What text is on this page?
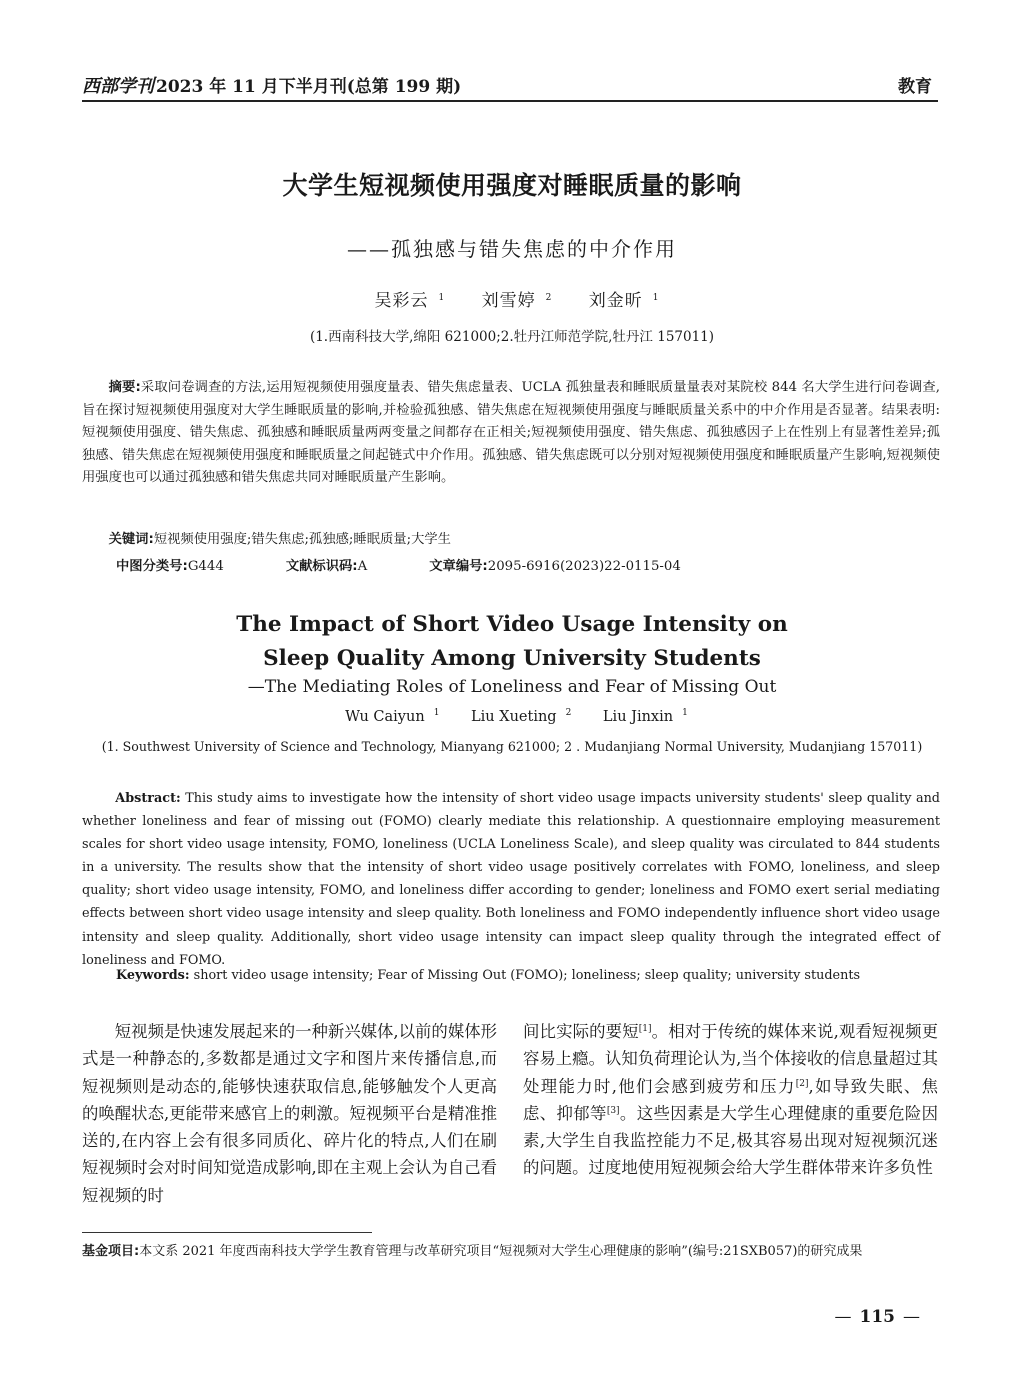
西部学刊 2023 年 11 月下半月刊(总第 199 期)	教育
大学生短视频使用强度对睡眠质量的影响
——孤独感与错失焦虑的中介作用
吴彩云 $^1$ 刘雪婷 $^2$ 刘金昕 $^1$
(1.西南科技大学,绵阳 621000;2.牡丹江师范学院,牡丹江 157011)
摘要:采取问卷调查的方法,运用短视频使用强度量表、错失焦虑量表、UCLA 孤独量表和睡眠质量量表对某院校 844 名大学生进行问卷调查,旨在探讨短视频使用强度对大学生睡眠质量的影响,并检验孤独感、错失焦虑在短视频使用强度与睡眠质量关系中的中介作用是否显著。结果表明:短视频使用强度、错失焦虑、孤独感和睡眠质量两两变量之间都存在正相关;短视频使用强度、错失焦虑、孤独感因子上在性别上有显著性差异;孤独感、错失焦虑在短视频使用强度和睡眠质量之间起链式中介作用。孤独感、错失焦虑既可以分别对短视频使用强度和睡眠质量产生影响,短视频使用强度也可以通过孤独感和错失焦虑共同对睡眠质量产生影响。
关键词:短视频使用强度;错失焦虑;孤独感;睡眠质量;大学生
中图分类号:G444	文献标识码:A	文章编号:2095-6916(2023)22-0115-04
The Impact of Short Video Usage Intensity on
Sleep Quality Among University Students
—The Mediating Roles of Loneliness and Fear of Missing Out
Wu Caiyun $^1$ Liu Xueting $^2$ Liu Jinxin $^1$
(1. Southwest University of Science and Technology, Mianyang 621000; 2 . Mudanjiang Normal University, Mudanjiang 157011)
Abstract: This study aims to investigate how the intensity of short video usage impacts university students' sleep quality and whether loneliness and fear of missing out (FOMO) clearly mediate this relationship. A questionnaire employing measurement scales for short video usage intensity, FOMO, loneliness (UCLA Loneliness Scale), and sleep quality was circulated to 844 students in a university. The results show that the intensity of short video usage positively correlates with FOMO, loneliness, and sleep quality; short video usage intensity, FOMO, and loneliness differ according to gender; loneliness and FOMO exert serial mediating effects between short video usage intensity and sleep quality. Both loneliness and FOMO independently influence short video usage intensity and sleep quality. Additionally, short video usage intensity can impact sleep quality through the integrated effect of loneliness and FOMO.
Keywords: short video usage intensity; Fear of Missing Out (FOMO); loneliness; sleep quality; university students
短视频是快速发展起来的一种新兴媒体,以前的媒体形式是一种静态的,多数都是通过文字和图片来传播信息,而短视频则是动态的,能够快速获取信息,能够触发个人更高的唤醒状态,更能带来感官上的刺激。短视频平台是精准推送的,在内容上会有很多同质化、碎片化的特点,人们在刷短视频时会对时间知觉造成影响,即在主观上会认为自己看短视频的时
间比实际的要短[1]。相对于传统的媒体来说,观看短视频更容易上瘾。认知负荷理论认为,当个体接收的信息量超过其处理能力时,他们会感到疲劳和压力[2],如导致失眠、焦虑、抑郁等[3]。这些因素是大学生心理健康的重要危险因素,大学生自我监控能力不足,极其容易出现对短视频沉迷的问题。过度地使用短视频会给大学生群体带来许多负性
基金项目:本文系 2021 年度西南科技大学学生教育管理与改革研究项目“短视频对大学生心理健康的影响”(编号:21SXB057)的研究成果
— 115 —
